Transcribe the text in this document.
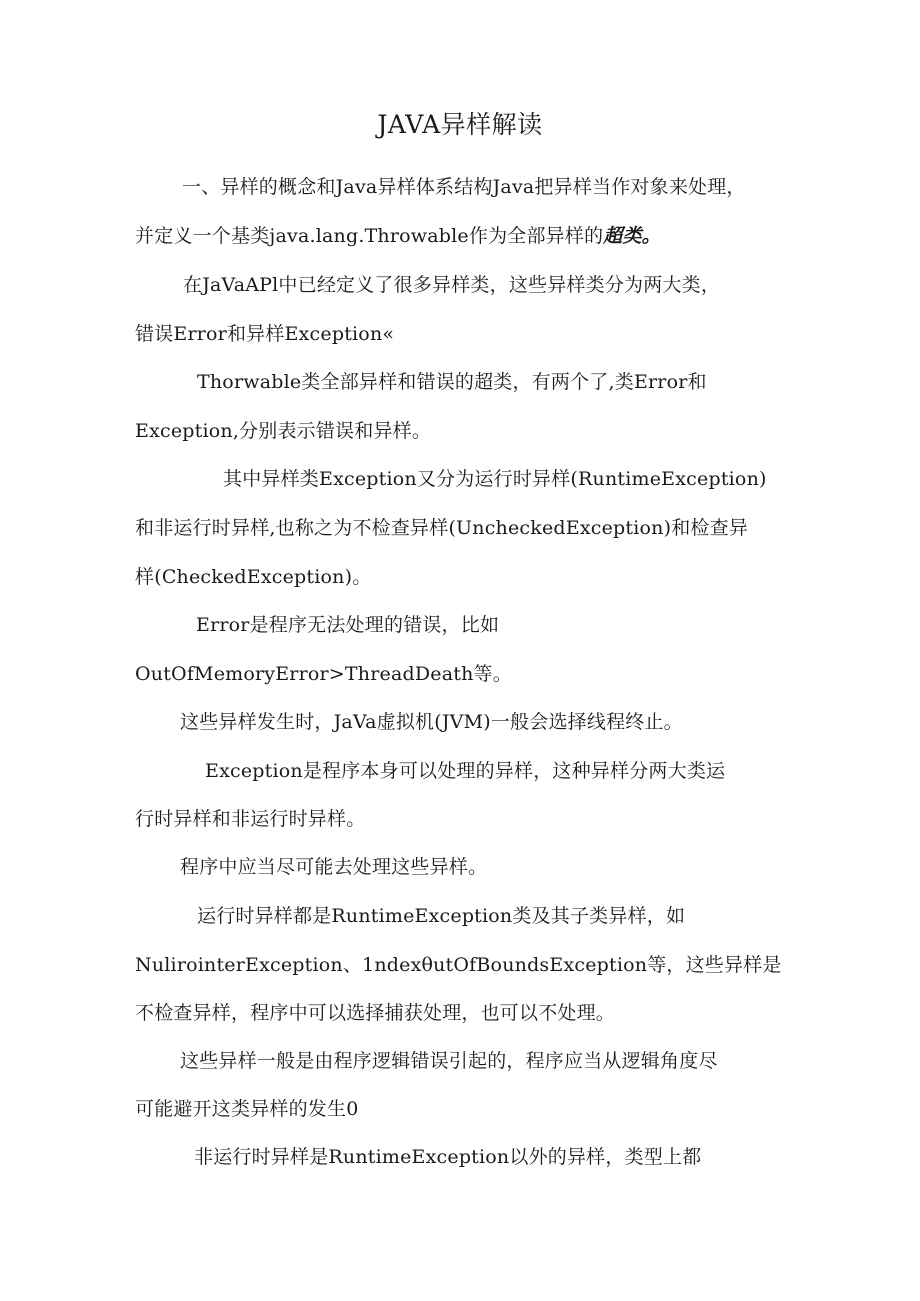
JAVA异样解读
一、异样的概念和Java异样体系结构Java把异样当作对象来处理，
并定义一个基类java.lang.Throwable作为全部异样的超类。
在JaVaAPl中已经定义了很多异样类，这些异样类分为两大类，
错误Error和异样Exception«
Thorwable类全部异样和错误的超类，有两个了,类Error和
Exception,分别表示错误和异样。
其中异样类Exception又分为运行时异样(RuntimeException)
和非运行时异样,也称之为不检查异样(UncheckedException)和检查异
样(CheckedException)。
Error是程序无法处理的错误，比如
OutOfMemoryError>ThreadDeath等。
这些异样发生时，JaVa虚拟机(JVM)一般会选择线程终止。
Exception是程序本身可以处理的异样，这种异样分两大类运
行时异样和非运行时异样。
程序中应当尽可能去处理这些异样。
运行时异样都是RuntimeException类及其子类异样，如
NulirointerException、1ndexθutOfBoundsException等，这些异样是
不检查异样，程序中可以选择捕获处理，也可以不处理。
这些异样一般是由程序逻辑错误引起的，程序应当从逻辑角度尽
可能避开这类异样的发生0
非运行时异样是RuntimeException以外的异样，类型上都
